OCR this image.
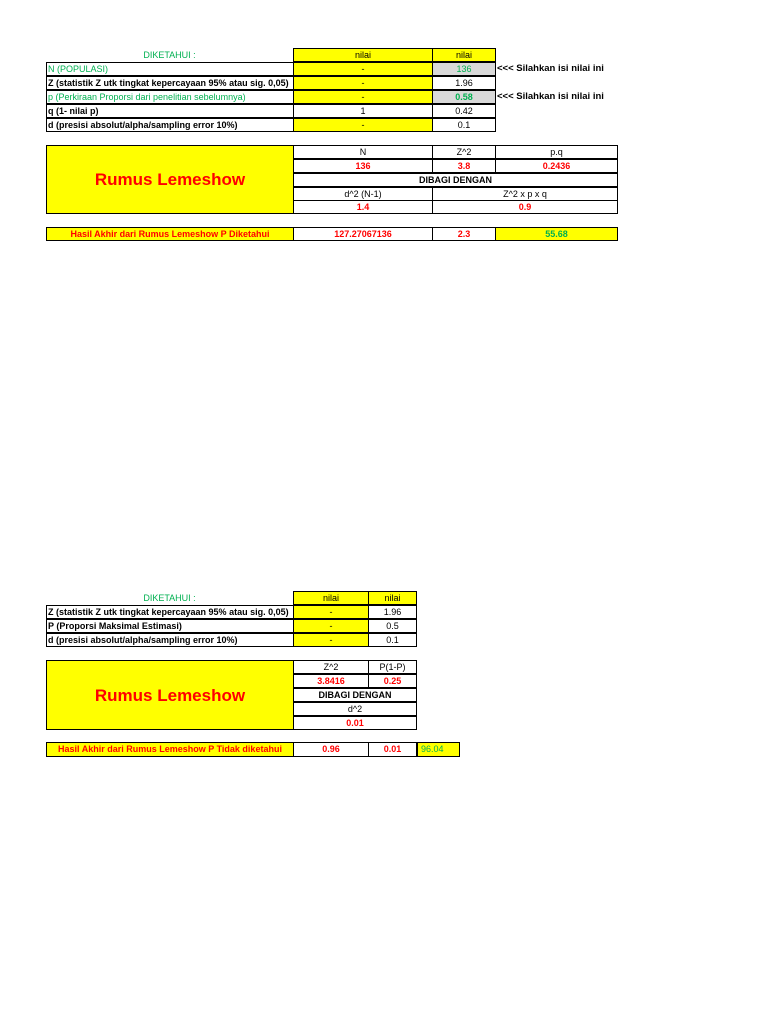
DIKETAHUI :	nilai	nilai
N (POPULASI)	-	136	<<< Silahkan isi nilai ini
Z (statistik Z utk tingkat kepercayaan 95% atau sig. 0,05)	-	1.96
p (Perkiraan Proporsi dari penelitian sebelumnya)	-	0.58	<<< Silahkan isi nilai ini
q (1- nilai p)	1	0.42
d (presisi absolut/alpha/sampling error 10%)	-	0.1
Rumus Lemeshow
N	Z^2	p.q
136	3.8	0.2436
DIBAGI DENGAN
d^2 (N-1)	Z^2 x p x q
1.4	0.9
Hasil Akhir dari Rumus Lemeshow P Diketahui	127.27067136	2.3	55.68
DIKETAHUI :	nilai	nilai
Z (statistik Z utk tingkat kepercayaan 95% atau sig. 0,05)	-	1.96
P (Proporsi Maksimal Estimasi)	-	0.5
d (presisi absolut/alpha/sampling error 10%)	-	0.1
Rumus Lemeshow
Z^2	P(1-P)
3.8416	0.25
DIBAGI DENGAN
d^2
0.01
Hasil Akhir dari Rumus Lemeshow P Tidak diketahui	0.96	0.01	96.04
